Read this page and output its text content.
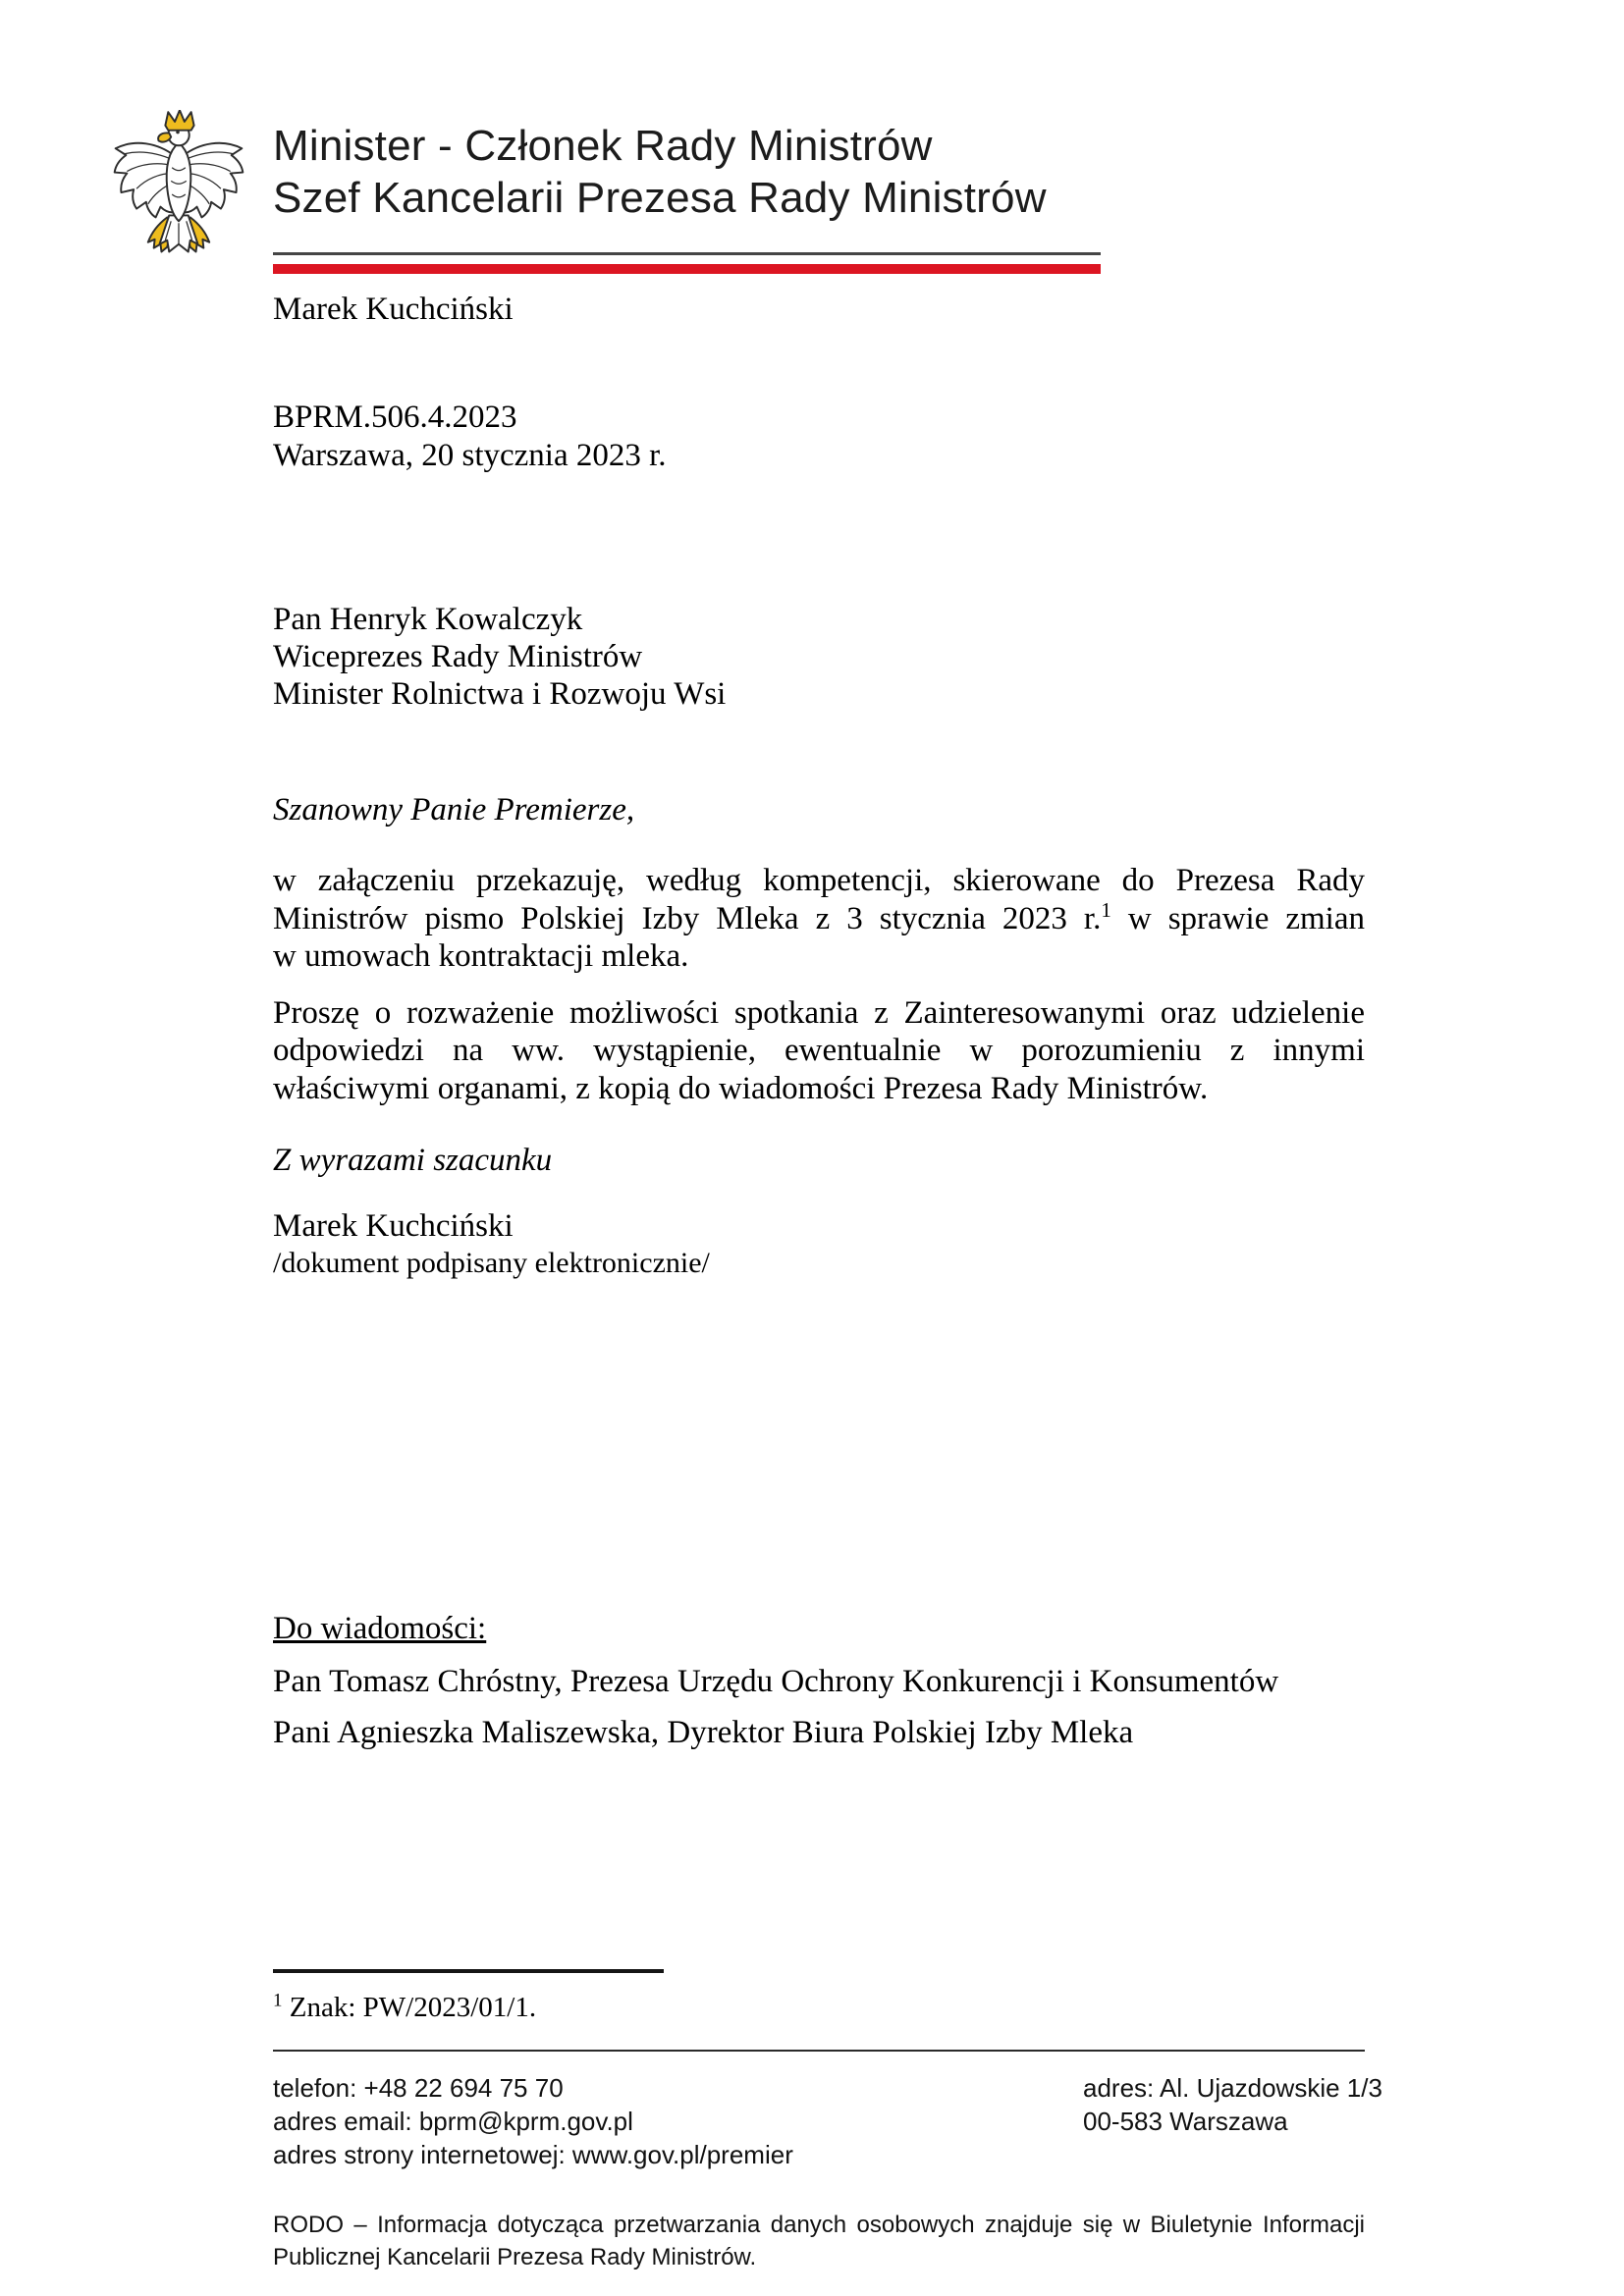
Minister - Członek Rady Ministrów
Szef Kancelarii Prezesa Rady Ministrów
Marek Kuchciński
BPRM.506.4.2023
Warszawa, 20 stycznia 2023 r.
Pan Henryk Kowalczyk
Wiceprezes Rady Ministrów
Minister Rolnictwa i Rozwoju Wsi
Szanowny Panie Premierze,

w załączeniu przekazuję, według kompetencji, skierowane do Prezesa Rady Ministrów pismo Polskiej Izby Mleka z 3 stycznia 2023 r.$^1$ w sprawie zmian w umowach kontraktacji mleka.

Proszę o rozważenie możliwości spotkania z Zainteresowanymi oraz udzielenie odpowiedzi na ww. wystąpienie, ewentualnie w porozumieniu z innymi właściwymi organami, z kopią do wiadomości Prezesa Rady Ministrów.

Z wyrazami szacunku
Marek Kuchciński
/dokument podpisany elektronicznie/
Do wiadomości:
Pan Tomasz Chróstny, Prezesa Urzędu Ochrony Konkurencji i Konsumentów
Pani Agnieszka Maliszewska, Dyrektor Biura Polskiej Izby Mleka
$^1$ Znak: PW/2023/01/1.
telefon: +48 22 694 75 70
adres email: bprm@kprm.gov.pl
adres strony internetowej: www.gov.pl/premier
adres: Al. Ujazdowskie 1/3
00-583 Warszawa
RODO – Informacja dotycząca przetwarzania danych osobowych znajduje się w Biuletynie Informacji Publicznej Kancelarii Prezesa Rady Ministrów.
